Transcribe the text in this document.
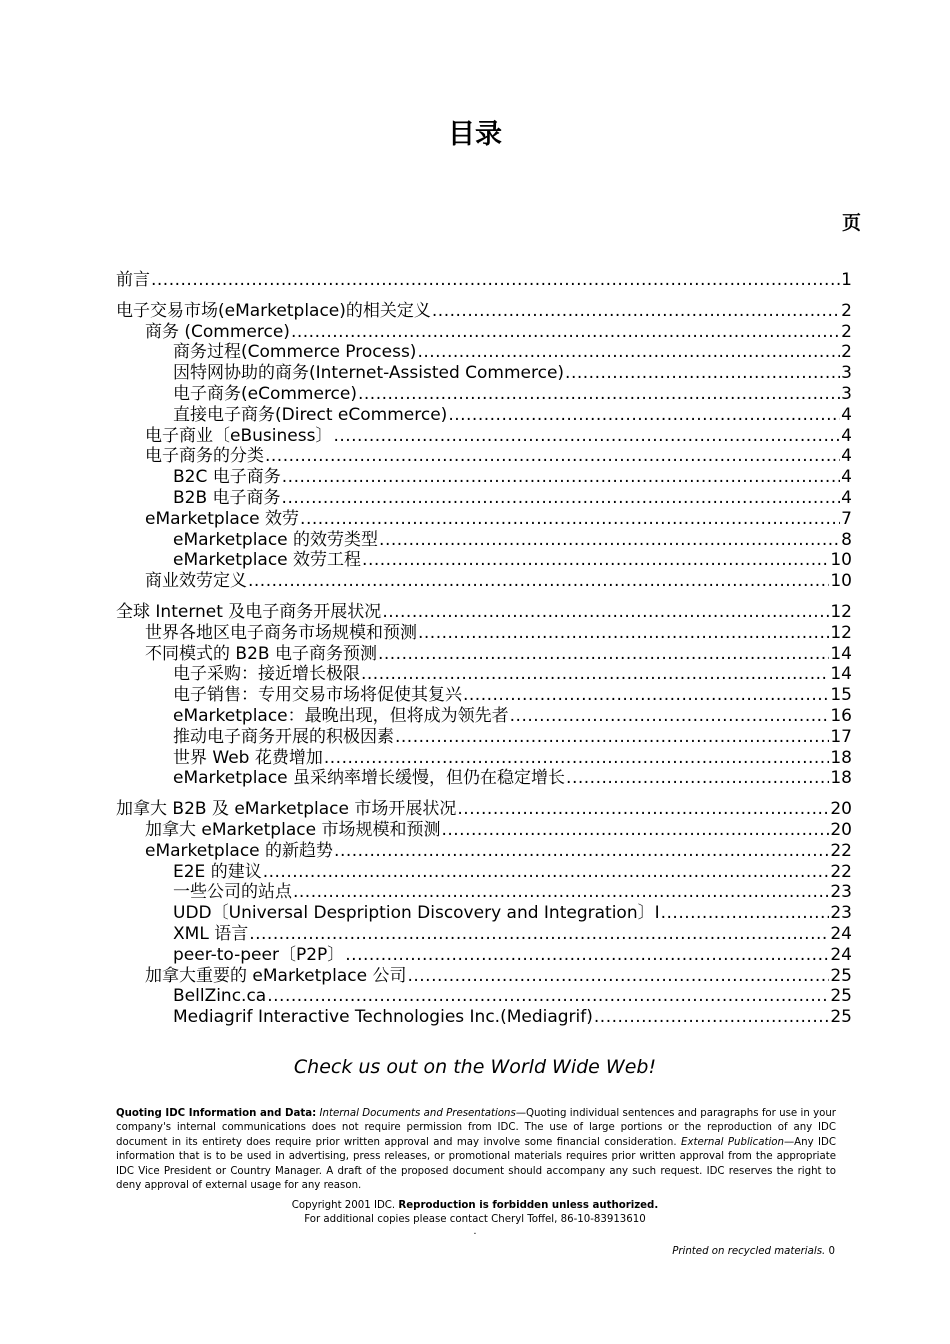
目录
页
前言 .....	1
电子交易市场(eMarketplace)的相关定义 .....	2
商务 (Commerce) .....	2
商务过程(Commerce Process) .....	2
因特网协助的商务(Internet-Assisted Commerce) .....	3
电子商务(eCommerce) .....	3
直接电子商务(Direct eCommerce) .....	4
电子商业〔eBusiness〕 .....	4
电子商务的分类 .....	4
B2C 电子商务 .....	4
B2B 电子商务 .....	4
eMarketplace 效劳 .....	7
eMarketplace 的效劳类型 .....	8
eMarketplace 效劳工程 .....	10
商业效劳定义 .....	10
全球 Internet 及电子商务开展状况 .....	12
世界各地区电子商务市场规模和预测 .....	12
不同模式的 B2B 电子商务预测 .....	14
电子采购：接近增长极限 .....	14
电子销售：专用交易市场将促使其复兴 .....	15
eMarketplace：最晚出现，但将成为领先者 .....	16
推动电子商务开展的积极因素 .....	17
世界 Web 花费增加 .....	18
eMarketplace 虽采纳率增长缓慢，但仍在稳定增长 .....	18
加拿大 B2B 及 eMarketplace 市场开展状况 .....	20
加拿大 eMarketplace 市场规模和预测 .....	20
eMarketplace 的新趋势 .....	22
E2E 的建议 .....	22
一些公司的站点 .....	23
UDD〔Universal Despription Discovery and Integration〕I .....	23
XML 语言 .....	24
peer-to-peer〔P2P〕 .....	24
加拿大重要的 eMarketplace 公司 .....	25
BellZinc.ca .....	25
Mediagrif Interactive Technologies Inc.(Mediagrif) .....	25
Check us out on the World Wide Web!
Quoting IDC Information and Data: Internal Documents and Presentations—Quoting individual sentences and paragraphs for use in your company's internal communications does not require permission from IDC. The use of large portions or the reproduction of any IDC document in its entirety does require prior written approval and may involve some financial consideration. External Publication—Any IDC information that is to be used in advertising, press releases, or promotional materials requires prior written approval from the appropriate IDC Vice President or Country Manager. A draft of the proposed document should accompany any such request. IDC reserves the right to deny approval of external usage for any reason.
Copyright 2001 IDC. Reproduction is forbidden unless authorized.
For additional copies please contact Cheryl Toffel, 86-10-83913610
.
Printed on recycled materials. 0
